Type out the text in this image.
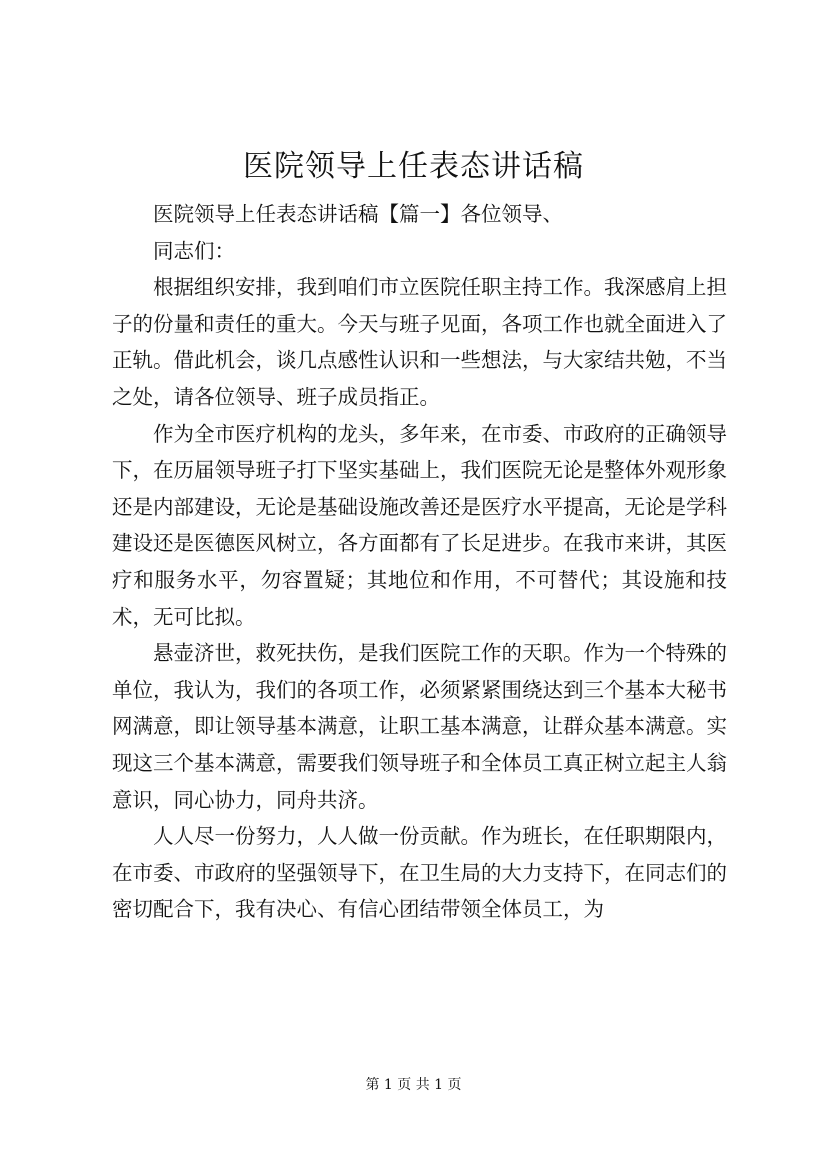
医院领导上任表态讲话稿

医院领导上任表态讲话稿【篇一】各位领导、

同志们：

根据组织安排，我到咱们市立医院任职主持工作。我深感肩上担子的份量和责任的重大。今天与班子见面，各项工作也就全面进入了正轨。借此机会，谈几点感性认识和一些想法，与大家结共勉，不当之处，请各位领导、班子成员指正。

作为全市医疗机构的龙头，多年来，在市委、市政府的正确领导下，在历届领导班子打下坚实基础上，我们医院无论是整体外观形象还是内部建设，无论是基础设施改善还是医疗水平提高，无论是学科建设还是医德医风树立，各方面都有了长足进步。在我市来讲，其医疗和服务水平，勿容置疑；其地位和作用，不可替代；其设施和技术，无可比拟。

悬壶济世，救死扶伤，是我们医院工作的天职。作为一个特殊的单位，我认为，我们的各项工作，必须紧紧围绕达到三个基本大秘书网满意，即让领导基本满意，让职工基本满意，让群众基本满意。实现这三个基本满意，需要我们领导班子和全体员工真正树立起主人翁意识，同心协力，同舟共济。

人人尽一份努力，人人做一份贡献。作为班长，在任职期限内，在市委、市政府的坚强领导下，在卫生局的大力支持下，在同志们的密切配合下，我有决心、有信心团结带领全体员工，为

第 1 页 共 1 页
